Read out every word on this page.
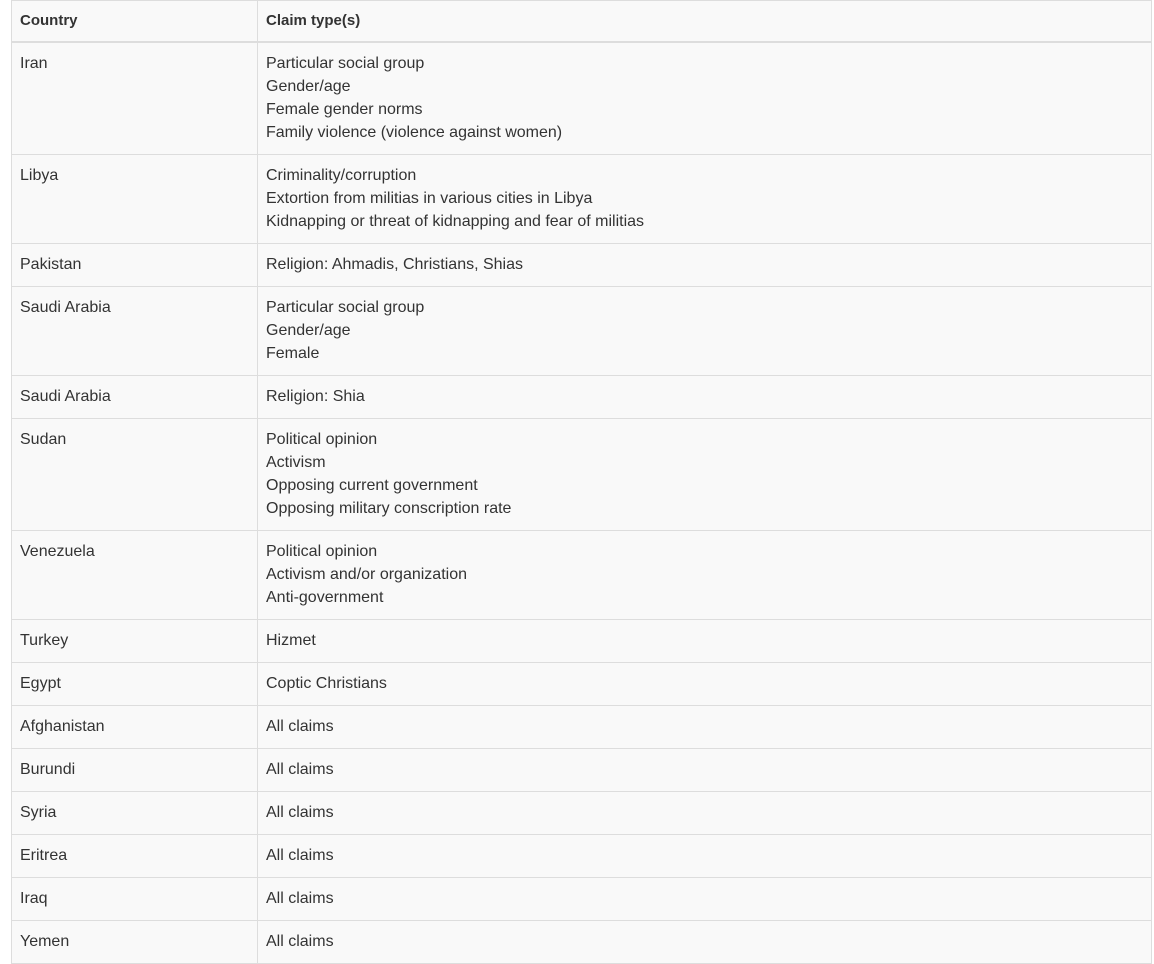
Country	Claim type(s)
Iran	Particular social group
Gender/age
Female gender norms
Family violence (violence against women)

Libya	Criminality/corruption
Extortion from militias in various cities in Libya
Kidnapping or threat of kidnapping and fear of militias

Pakistan	Religion: Ahmadis, Christians, Shias

Saudi Arabia	Particular social group
Gender/age
Female

Saudi Arabia	Religion: Shia

Sudan	Political opinion
Activism
Opposing current government
Opposing military conscription rate

Venezuela	Political opinion
Activism and/or organization
Anti-government

Turkey	Hizmet

Egypt	Coptic Christians

Afghanistan	All claims

Burundi	All claims

Syria	All claims

Eritrea	All claims

Iraq	All claims

Yemen	All claims
